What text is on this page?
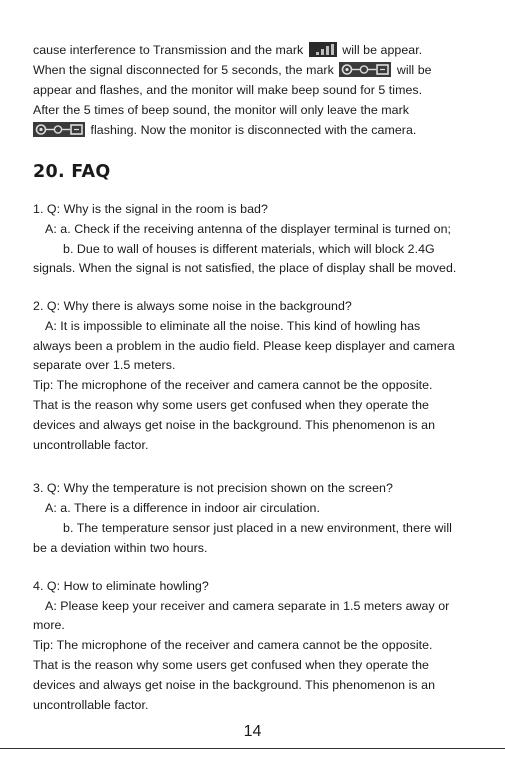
cause interference to Transmission and the mark	will be appear.
When the signal disconnected for 5 seconds, the mark	will be
appear and flashes, and the monitor will make beep sound for 5 times.
After the 5 times of beep sound, the monitor will only leave the mark
flashing. Now the monitor is disconnected with the camera.
20. FAQ
1. Q: Why is the signal in the room is bad?
A: a. Check if the receiving antenna of the displayer terminal is turned on;
b. Due to wall of houses is different materials, which will block 2.4G
signals. When the signal is not satisfied, the place of display shall be moved.
2. Q: Why there is always some noise in the background?
A: It is impossible to eliminate all the noise. This kind of howling has
always been a problem in the audio field. Please keep displayer and camera
separate over 1.5 meters.
Tip: The microphone of the receiver and camera cannot be the opposite.
That is the reason why some users get confused when they operate the
devices and always get noise in the background. This phenomenon is an
uncontrollable factor.
3. Q: Why the temperature is not precision shown on the screen?
A: a. There is a difference in indoor air circulation.
b. The temperature sensor just placed in a new environment, there will
be a deviation within two hours.
4. Q: How to eliminate howling?
A: Please keep your receiver and camera separate in 1.5 meters away or
more.
Tip: The microphone of the receiver and camera cannot be the opposite.
That is the reason why some users get confused when they operate the
devices and always get noise in the background. This phenomenon is an
uncontrollable factor.
14
